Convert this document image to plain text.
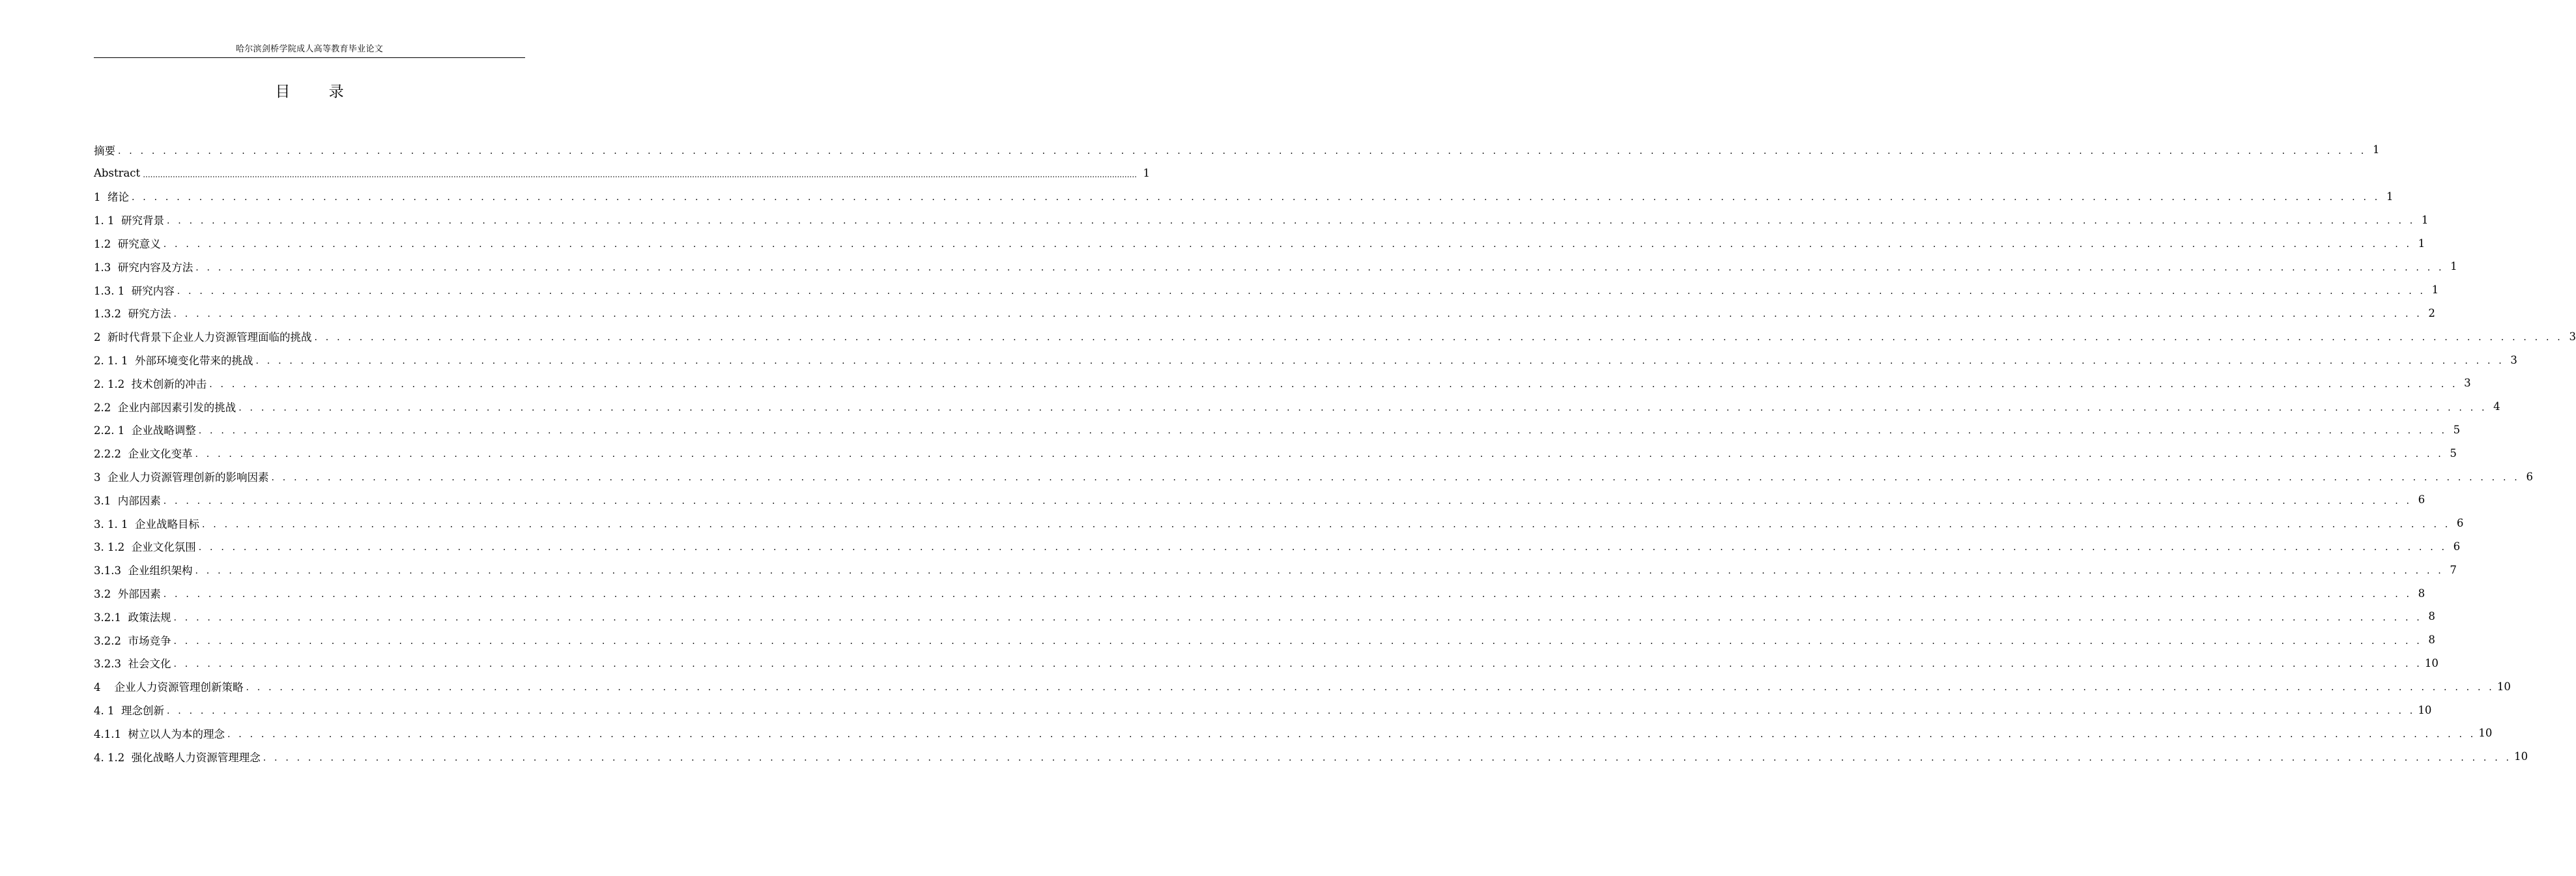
哈尔滨剑桥学院成人高等教育毕业论文
目 录
摘要 . . . . . . . . . . . . . . . . . . . . . . . . . . . . . . . . . . . . . . . . . . . . . . . . . . . . . . . . . . . . . . . . . . . . . . . . . . . . . . . . . . . . . . . . . . . . . . . . . . . . . . . . . . . . . . . . . . . . . . . . . . . . . . . . . . . . . . . . . . . . . . . . . . . . . . . . . . . . . . . . . . . . . . . . . . . . . . . . . . . . . . . . . . . . . . . . . . . . . . . . 1
Abstract ................................................................................................................................................................................................................................................................................................................................................................................................................ 1
1  绪论 . . . . . . . . . . . . . . . . . . . . . . . . . . . . . . . . . . . . . . . . . . . . . . . . . . . . . . . . . . . . . . . . . . . . . . . . . . . . . . . . . . . . . . . . . . . . . . . . . . . . . . . . . . . . . . . . . . . . . . . . . . . . . . . . . . . . . . . . . . . . . . . . . . . . . . . . . . . . . . . . . . . . . . . . . . . . . . . . . . . . . . . . . . . . . . . . . . . . . . . . 1
1. 1  研究背景 . . . . . . . . . . . . . . . . . . . . . . . . . . . . . . . . . . . . . . . . . . . . . . . . . . . . . . . . . . . . . . . . . . . . . . . . . . . . . . . . . . . . . . . . . . . . . . . . . . . . . . . . . . . . . . . . . . . . . . . . . . . . . . . . . . . . . . . . . . . . . . . . . . . . . . . . . . . . . . . . . . . . . . . . . . . . . . . . . . . . . . . . . . . . . . . . . . . . . . . . 1
1.2  研究意义 . . . . . . . . . . . . . . . . . . . . . . . . . . . . . . . . . . . . . . . . . . . . . . . . . . . . . . . . . . . . . . . . . . . . . . . . . . . . . . . . . . . . . . . . . . . . . . . . . . . . . . . . . . . . . . . . . . . . . . . . . . . . . . . . . . . . . . . . . . . . . . . . . . . . . . . . . . . . . . . . . . . . . . . . . . . . . . . . . . . . . . . . . . . . . . . . . . . . . . . . 1
1.3  研究内容及方法 . . . . . . . . . . . . . . . . . . . . . . . . . . . . . . . . . . . . . . . . . . . . . . . . . . . . . . . . . . . . . . . . . . . . . . . . . . . . . . . . . . . . . . . . . . . . . . . . . . . . . . . . . . . . . . . . . . . . . . . . . . . . . . . . . . . . . . . . . . . . . . . . . . . . . . . . . . . . . . . . . . . . . . . . . . . . . . . . . . . . . . . . . . . . . . . . . . . . . . . . 1
1.3. 1  研究内容 . . . . . . . . . . . . . . . . . . . . . . . . . . . . . . . . . . . . . . . . . . . . . . . . . . . . . . . . . . . . . . . . . . . . . . . . . . . . . . . . . . . . . . . . . . . . . . . . . . . . . . . . . . . . . . . . . . . . . . . . . . . . . . . . . . . . . . . . . . . . . . . . . . . . . . . . . . . . . . . . . . . . . . . . . . . . . . . . . . . . . . . . . . . . . . . . . . . . . . . . 1
1.3.2  研究方法 . . . . . . . . . . . . . . . . . . . . . . . . . . . . . . . . . . . . . . . . . . . . . . . . . . . . . . . . . . . . . . . . . . . . . . . . . . . . . . . . . . . . . . . . . . . . . . . . . . . . . . . . . . . . . . . . . . . . . . . . . . . . . . . . . . . . . . . . . . . . . . . . . . . . . . . . . . . . . . . . . . . . . . . . . . . . . . . . . . . . . . . . . . . . . . . . . . . . . . . . 2
2  新时代背景下企业人力资源管理面临的挑战 . . . . . . . . . . . . . . . . . . . . . . . . . . . . . . . . . . . . . . . . . . . . . . . . . . . . . . . . . . . . . . . . . . . . . . . . . . . . . . . . . . . . . . . . . . . . . . . . . . . . . . . . . . . . . . . . . . . . . . . . . . . . . . . . . . . . . . . . . . . . . . . . . . . . . . . . . . . . . . . . . . . . . . . . . . . . . . . . . . . . . . . . . . . . . . . . . . . . . . . . 3
2. 1. 1  外部环境变化带来的挑战 . . . . . . . . . . . . . . . . . . . . . . . . . . . . . . . . . . . . . . . . . . . . . . . . . . . . . . . . . . . . . . . . . . . . . . . . . . . . . . . . . . . . . . . . . . . . . . . . . . . . . . . . . . . . . . . . . . . . . . . . . . . . . . . . . . . . . . . . . . . . . . . . . . . . . . . . . . . . . . . . . . . . . . . . . . . . . . . . . . . . . . . . . . . . . . . . . . . . . . . . 3
2. 1.2  技术创新的冲击 . . . . . . . . . . . . . . . . . . . . . . . . . . . . . . . . . . . . . . . . . . . . . . . . . . . . . . . . . . . . . . . . . . . . . . . . . . . . . . . . . . . . . . . . . . . . . . . . . . . . . . . . . . . . . . . . . . . . . . . . . . . . . . . . . . . . . . . . . . . . . . . . . . . . . . . . . . . . . . . . . . . . . . . . . . . . . . . . . . . . . . . . . . . . . . . . . . . . . . . . 3
2.2  企业内部因素引发的挑战 . . . . . . . . . . . . . . . . . . . . . . . . . . . . . . . . . . . . . . . . . . . . . . . . . . . . . . . . . . . . . . . . . . . . . . . . . . . . . . . . . . . . . . . . . . . . . . . . . . . . . . . . . . . . . . . . . . . . . . . . . . . . . . . . . . . . . . . . . . . . . . . . . . . . . . . . . . . . . . . . . . . . . . . . . . . . . . . . . . . . . . . . . . . . . . . . . . . . . . . . 4
2.2. 1  企业战略调整 . . . . . . . . . . . . . . . . . . . . . . . . . . . . . . . . . . . . . . . . . . . . . . . . . . . . . . . . . . . . . . . . . . . . . . . . . . . . . . . . . . . . . . . . . . . . . . . . . . . . . . . . . . . . . . . . . . . . . . . . . . . . . . . . . . . . . . . . . . . . . . . . . . . . . . . . . . . . . . . . . . . . . . . . . . . . . . . . . . . . . . . . . . . . . . . . . . . . . . . . 5
2.2.2  企业文化变革 . . . . . . . . . . . . . . . . . . . . . . . . . . . . . . . . . . . . . . . . . . . . . . . . . . . . . . . . . . . . . . . . . . . . . . . . . . . . . . . . . . . . . . . . . . . . . . . . . . . . . . . . . . . . . . . . . . . . . . . . . . . . . . . . . . . . . . . . . . . . . . . . . . . . . . . . . . . . . . . . . . . . . . . . . . . . . . . . . . . . . . . . . . . . . . . . . . . . . . . . 5
3  企业人力资源管理创新的影响因素 . . . . . . . . . . . . . . . . . . . . . . . . . . . . . . . . . . . . . . . . . . . . . . . . . . . . . . . . . . . . . . . . . . . . . . . . . . . . . . . . . . . . . . . . . . . . . . . . . . . . . . . . . . . . . . . . . . . . . . . . . . . . . . . . . . . . . . . . . . . . . . . . . . . . . . . . . . . . . . . . . . . . . . . . . . . . . . . . . . . . . . . . . . . . . . . . . . . . . . . . 6
3.1  内部因素 . . . . . . . . . . . . . . . . . . . . . . . . . . . . . . . . . . . . . . . . . . . . . . . . . . . . . . . . . . . . . . . . . . . . . . . . . . . . . . . . . . . . . . . . . . . . . . . . . . . . . . . . . . . . . . . . . . . . . . . . . . . . . . . . . . . . . . . . . . . . . . . . . . . . . . . . . . . . . . . . . . . . . . . . . . . . . . . . . . . . . . . . . . . . . . . . . . . . . . . . 6
3. 1. 1  企业战略目标 . . . . . . . . . . . . . . . . . . . . . . . . . . . . . . . . . . . . . . . . . . . . . . . . . . . . . . . . . . . . . . . . . . . . . . . . . . . . . . . . . . . . . . . . . . . . . . . . . . . . . . . . . . . . . . . . . . . . . . . . . . . . . . . . . . . . . . . . . . . . . . . . . . . . . . . . . . . . . . . . . . . . . . . . . . . . . . . . . . . . . . . . . . . . . . . . . . . . . . . . 6
3. 1.2  企业文化氛围 . . . . . . . . . . . . . . . . . . . . . . . . . . . . . . . . . . . . . . . . . . . . . . . . . . . . . . . . . . . . . . . . . . . . . . . . . . . . . . . . . . . . . . . . . . . . . . . . . . . . . . . . . . . . . . . . . . . . . . . . . . . . . . . . . . . . . . . . . . . . . . . . . . . . . . . . . . . . . . . . . . . . . . . . . . . . . . . . . . . . . . . . . . . . . . . . . . . . . . . . 6
3.1.3  企业组织架构 . . . . . . . . . . . . . . . . . . . . . . . . . . . . . . . . . . . . . . . . . . . . . . . . . . . . . . . . . . . . . . . . . . . . . . . . . . . . . . . . . . . . . . . . . . . . . . . . . . . . . . . . . . . . . . . . . . . . . . . . . . . . . . . . . . . . . . . . . . . . . . . . . . . . . . . . . . . . . . . . . . . . . . . . . . . . . . . . . . . . . . . . . . . . . . . . . . . . . . . . 7
3.2  外部因素 . . . . . . . . . . . . . . . . . . . . . . . . . . . . . . . . . . . . . . . . . . . . . . . . . . . . . . . . . . . . . . . . . . . . . . . . . . . . . . . . . . . . . . . . . . . . . . . . . . . . . . . . . . . . . . . . . . . . . . . . . . . . . . . . . . . . . . . . . . . . . . . . . . . . . . . . . . . . . . . . . . . . . . . . . . . . . . . . . . . . . . . . . . . . . . . . . . . . . . . . 8
3.2.1  政策法规 . . . . . . . . . . . . . . . . . . . . . . . . . . . . . . . . . . . . . . . . . . . . . . . . . . . . . . . . . . . . . . . . . . . . . . . . . . . . . . . . . . . . . . . . . . . . . . . . . . . . . . . . . . . . . . . . . . . . . . . . . . . . . . . . . . . . . . . . . . . . . . . . . . . . . . . . . . . . . . . . . . . . . . . . . . . . . . . . . . . . . . . . . . . . . . . . . . . . . . . . 8
3.2.2  市场竞争 . . . . . . . . . . . . . . . . . . . . . . . . . . . . . . . . . . . . . . . . . . . . . . . . . . . . . . . . . . . . . . . . . . . . . . . . . . . . . . . . . . . . . . . . . . . . . . . . . . . . . . . . . . . . . . . . . . . . . . . . . . . . . . . . . . . . . . . . . . . . . . . . . . . . . . . . . . . . . . . . . . . . . . . . . . . . . . . . . . . . . . . . . . . . . . . . . . . . . . . . 8
3.2.3  社会文化 . . . . . . . . . . . . . . . . . . . . . . . . . . . . . . . . . . . . . . . . . . . . . . . . . . . . . . . . . . . . . . . . . . . . . . . . . . . . . . . . . . . . . . . . . . . . . . . . . . . . . . . . . . . . . . . . . . . . . . . . . . . . . . . . . . . . . . . . . . . . . . . . . . . . . . . . . . . . . . . . . . . . . . . . . . . . . . . . . . . . . . . . . . . . . . . . . . . . . . . . 10
4    企业人力资源管理创新策略 . . . . . . . . . . . . . . . . . . . . . . . . . . . . . . . . . . . . . . . . . . . . . . . . . . . . . . . . . . . . . . . . . . . . . . . . . . . . . . . . . . . . . . . . . . . . . . . . . . . . . . . . . . . . . . . . . . . . . . . . . . . . . . . . . . . . . . . . . . . . . . . . . . . . . . . . . . . . . . . . . . . . . . . . . . . . . . . . . . . . . . . . . . . . . . . . . . . . . . . . 10
4. 1  理念创新 . . . . . . . . . . . . . . . . . . . . . . . . . . . . . . . . . . . . . . . . . . . . . . . . . . . . . . . . . . . . . . . . . . . . . . . . . . . . . . . . . . . . . . . . . . . . . . . . . . . . . . . . . . . . . . . . . . . . . . . . . . . . . . . . . . . . . . . . . . . . . . . . . . . . . . . . . . . . . . . . . . . . . . . . . . . . . . . . . . . . . . . . . . . . . . . . . . . . . . . . 10
4.1.1  树立以人为本的理念 . . . . . . . . . . . . . . . . . . . . . . . . . . . . . . . . . . . . . . . . . . . . . . . . . . . . . . . . . . . . . . . . . . . . . . . . . . . . . . . . . . . . . . . . . . . . . . . . . . . . . . . . . . . . . . . . . . . . . . . . . . . . . . . . . . . . . . . . . . . . . . . . . . . . . . . . . . . . . . . . . . . . . . . . . . . . . . . . . . . . . . . . . . . . . . . . . . . . . . . . 10
4. 1.2  强化战略人力资源管理理念 . . . . . . . . . . . . . . . . . . . . . . . . . . . . . . . . . . . . . . . . . . . . . . . . . . . . . . . . . . . . . . . . . . . . . . . . . . . . . . . . . . . . . . . . . . . . . . . . . . . . . . . . . . . . . . . . . . . . . . . . . . . . . . . . . . . . . . . . . . . . . . . . . . . . . . . . . . . . . . . . . . . . . . . . . . . . . . . . . . . . . . . . . . . . . . . . . . . . . . . . 10
